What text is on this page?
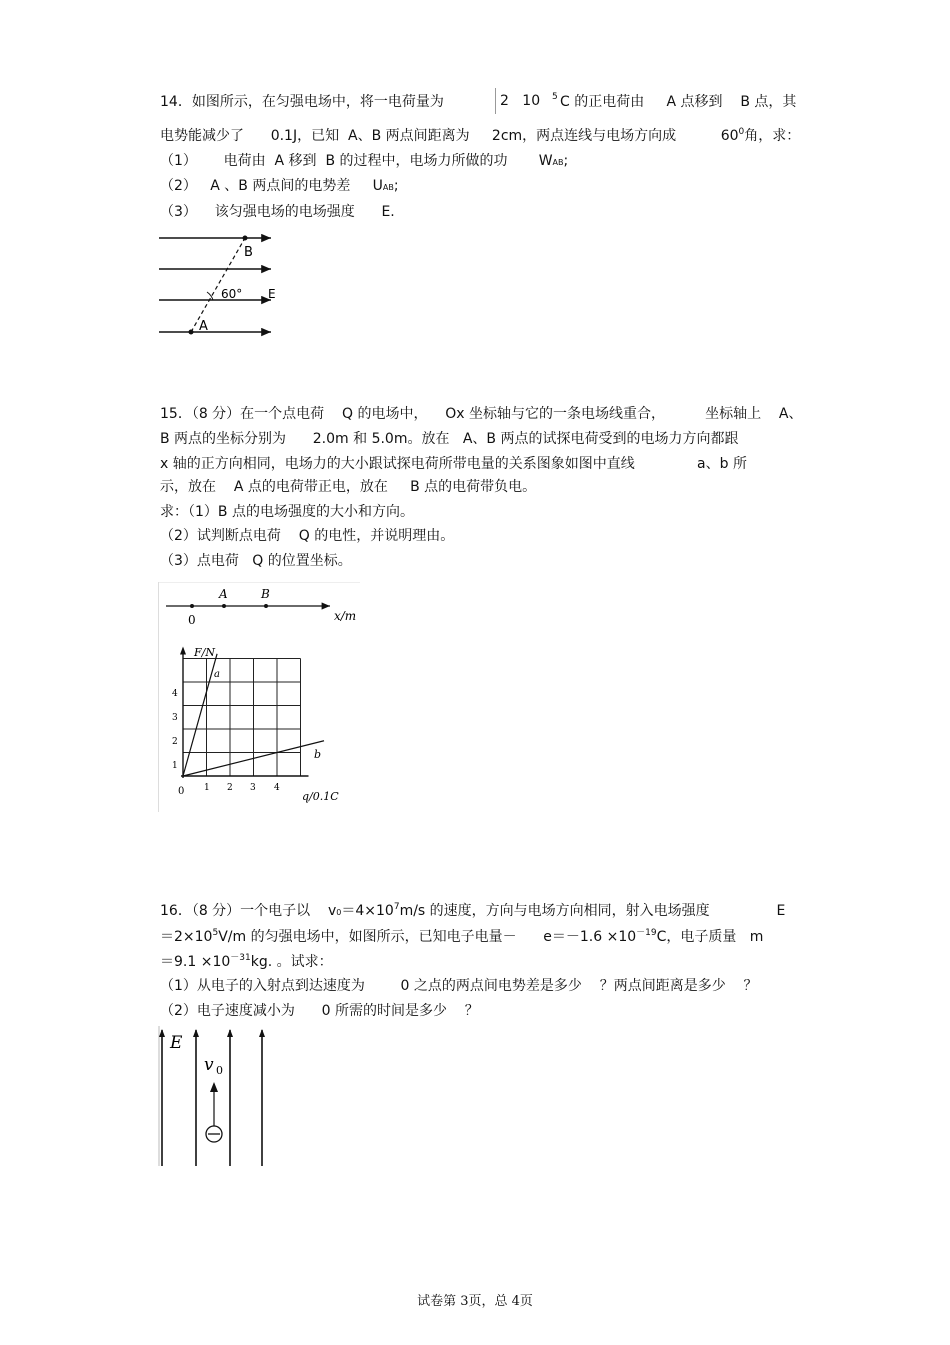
14．如图所示，在匀强电场中，将一电荷量为	2 10 $_5$ C 的正电荷由 A 点移到 B 点，其
电势能减少了 0.1J，已知 A、B 两点间距离为 2cm，两点连线与电场方向成	$60^0$角，求：
（1） 电荷由 A 移到 B 的过程中，电场力所做的功 WAB;
（2） A 、B 两点间的电势差 UAB;
（3） 该匀强电场的电场强度 E.
B
A
60° E
15．（8 分）在一个点电荷 Q 的电场中， Ox 坐标轴与它的一条电场线重合，	坐标轴上 A、
B 两点的坐标分别为 2.0m 和 5.0m。放在 A、B 两点的试探电荷受到的电场力方向都跟
x 轴的正方向相同，电场力的大小跟试探电荷所带电量的关系图象如图中直线	a、b 所
示，放在 A 点的电荷带正电，放在 B 点的电荷带负电。
求：（1）B 点的电场强度的大小和方向。
（2）试判断点电荷 Q 的电性，并说明理由。
（3）点电荷 Q 的位置坐标。
0
A	B
x/m
F/N
q/0.1C
a
b
1
2
3
4
0 1 2 3 4
16．（8 分）一个电子以 $v0=4\times 10^7m/s$ 的速度，方向与电场方向相同，射入电场强度	E
$=2\times 10^5V/m$ 的匀强电场中，如图所示，已知电子电量－ $e=-1.6 \times 10^{-19}C$，电子质量 m
$=9.1 \times 10^{-31}kg$. 。试求：
（1）从电子的入射点到达速度为	0 之点的两点间电势差是多少 ？两点间距离是多少 ？
（2）电子速度减小为 0 所需的时间是多少 ？
E
v 0
试卷第 3页，总 4页
